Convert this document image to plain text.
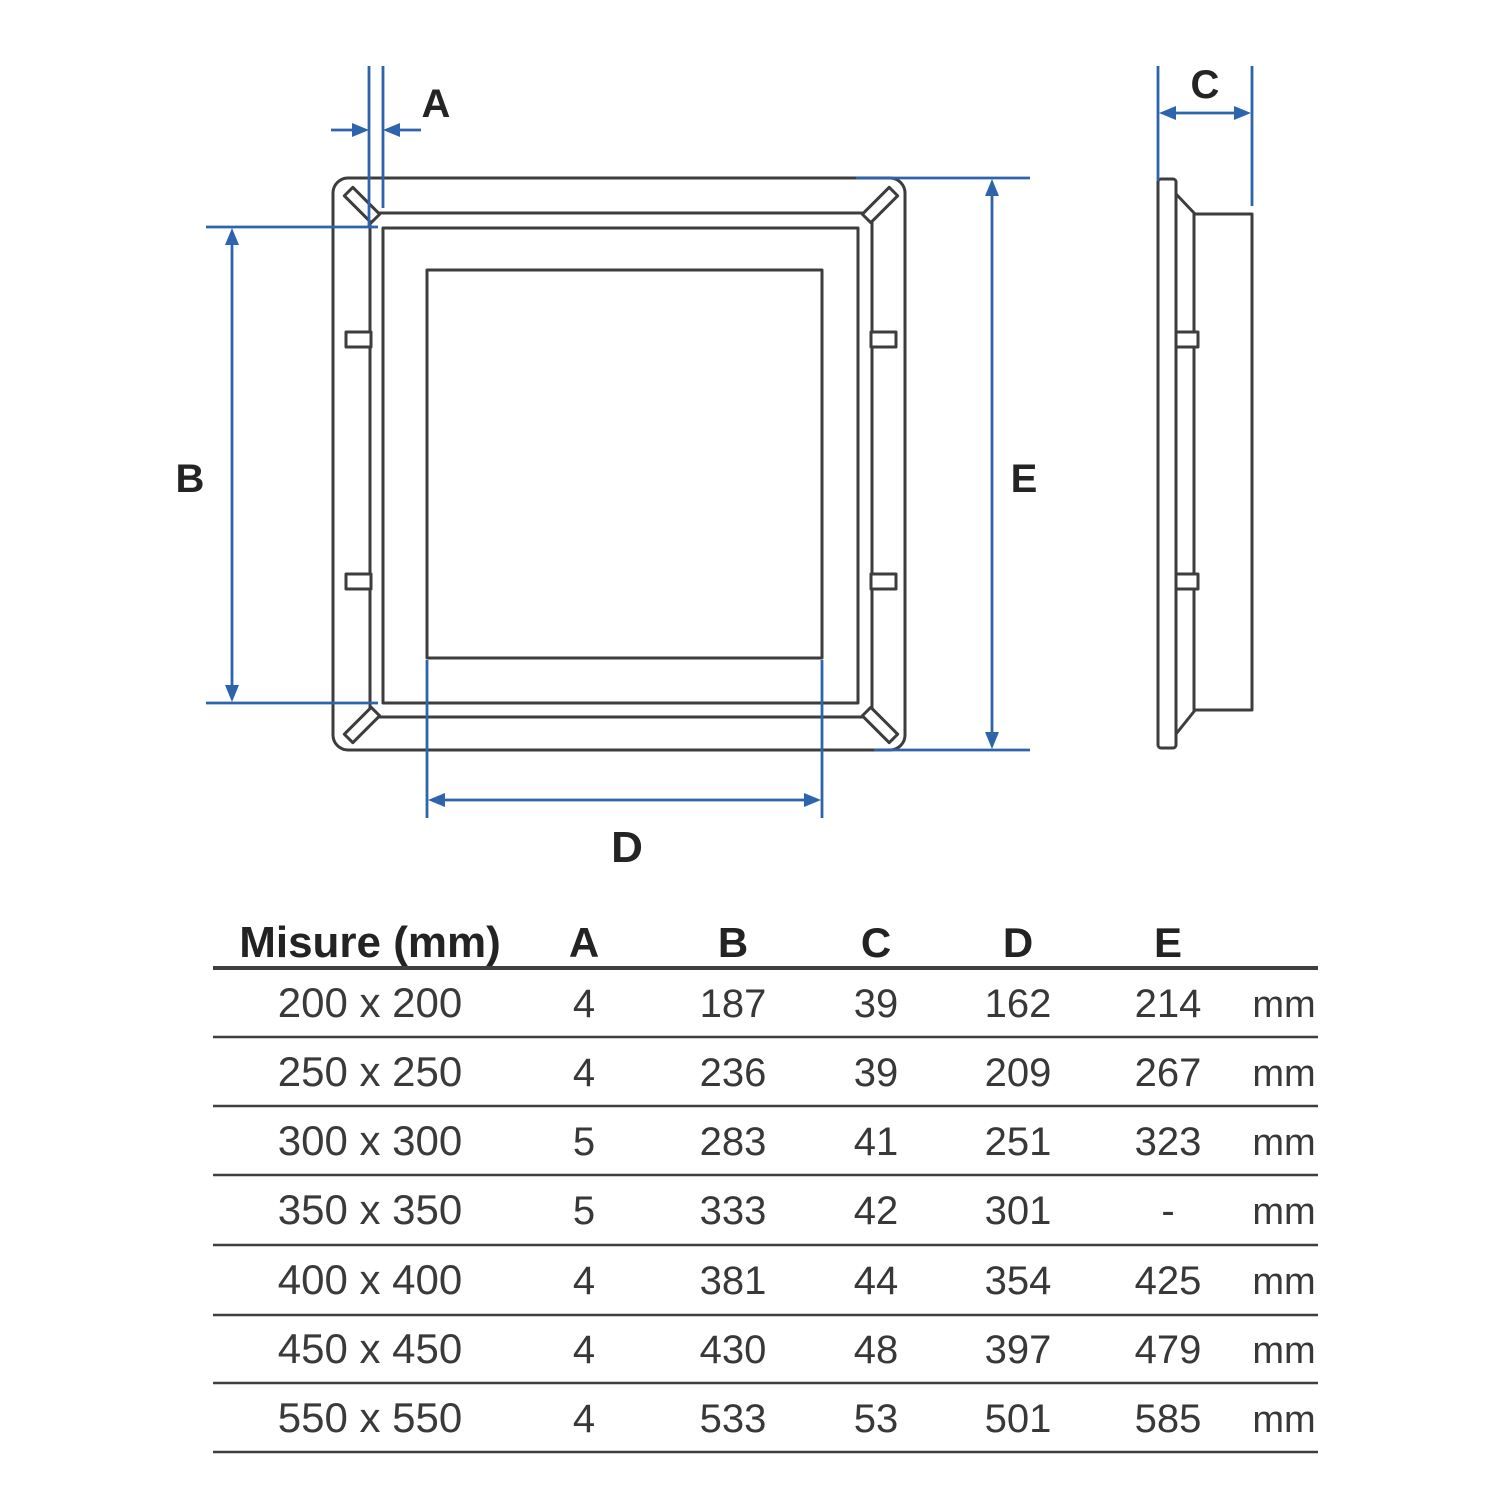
A
B
C
D
E
Misure (mm) A	B	C	D	E
200 x 200	4	187 39 162 214 mm
250 x 250	4	236 39 209 267 mm
300 x 300	5	283 41 251 323 mm
350 x 350	5	333 42 301	- mm
400 x 400	4	381 44 354 425 mm
450 x 450	4	430 48 397 479 mm
550 x 550	4	533 53 501 585 mm
